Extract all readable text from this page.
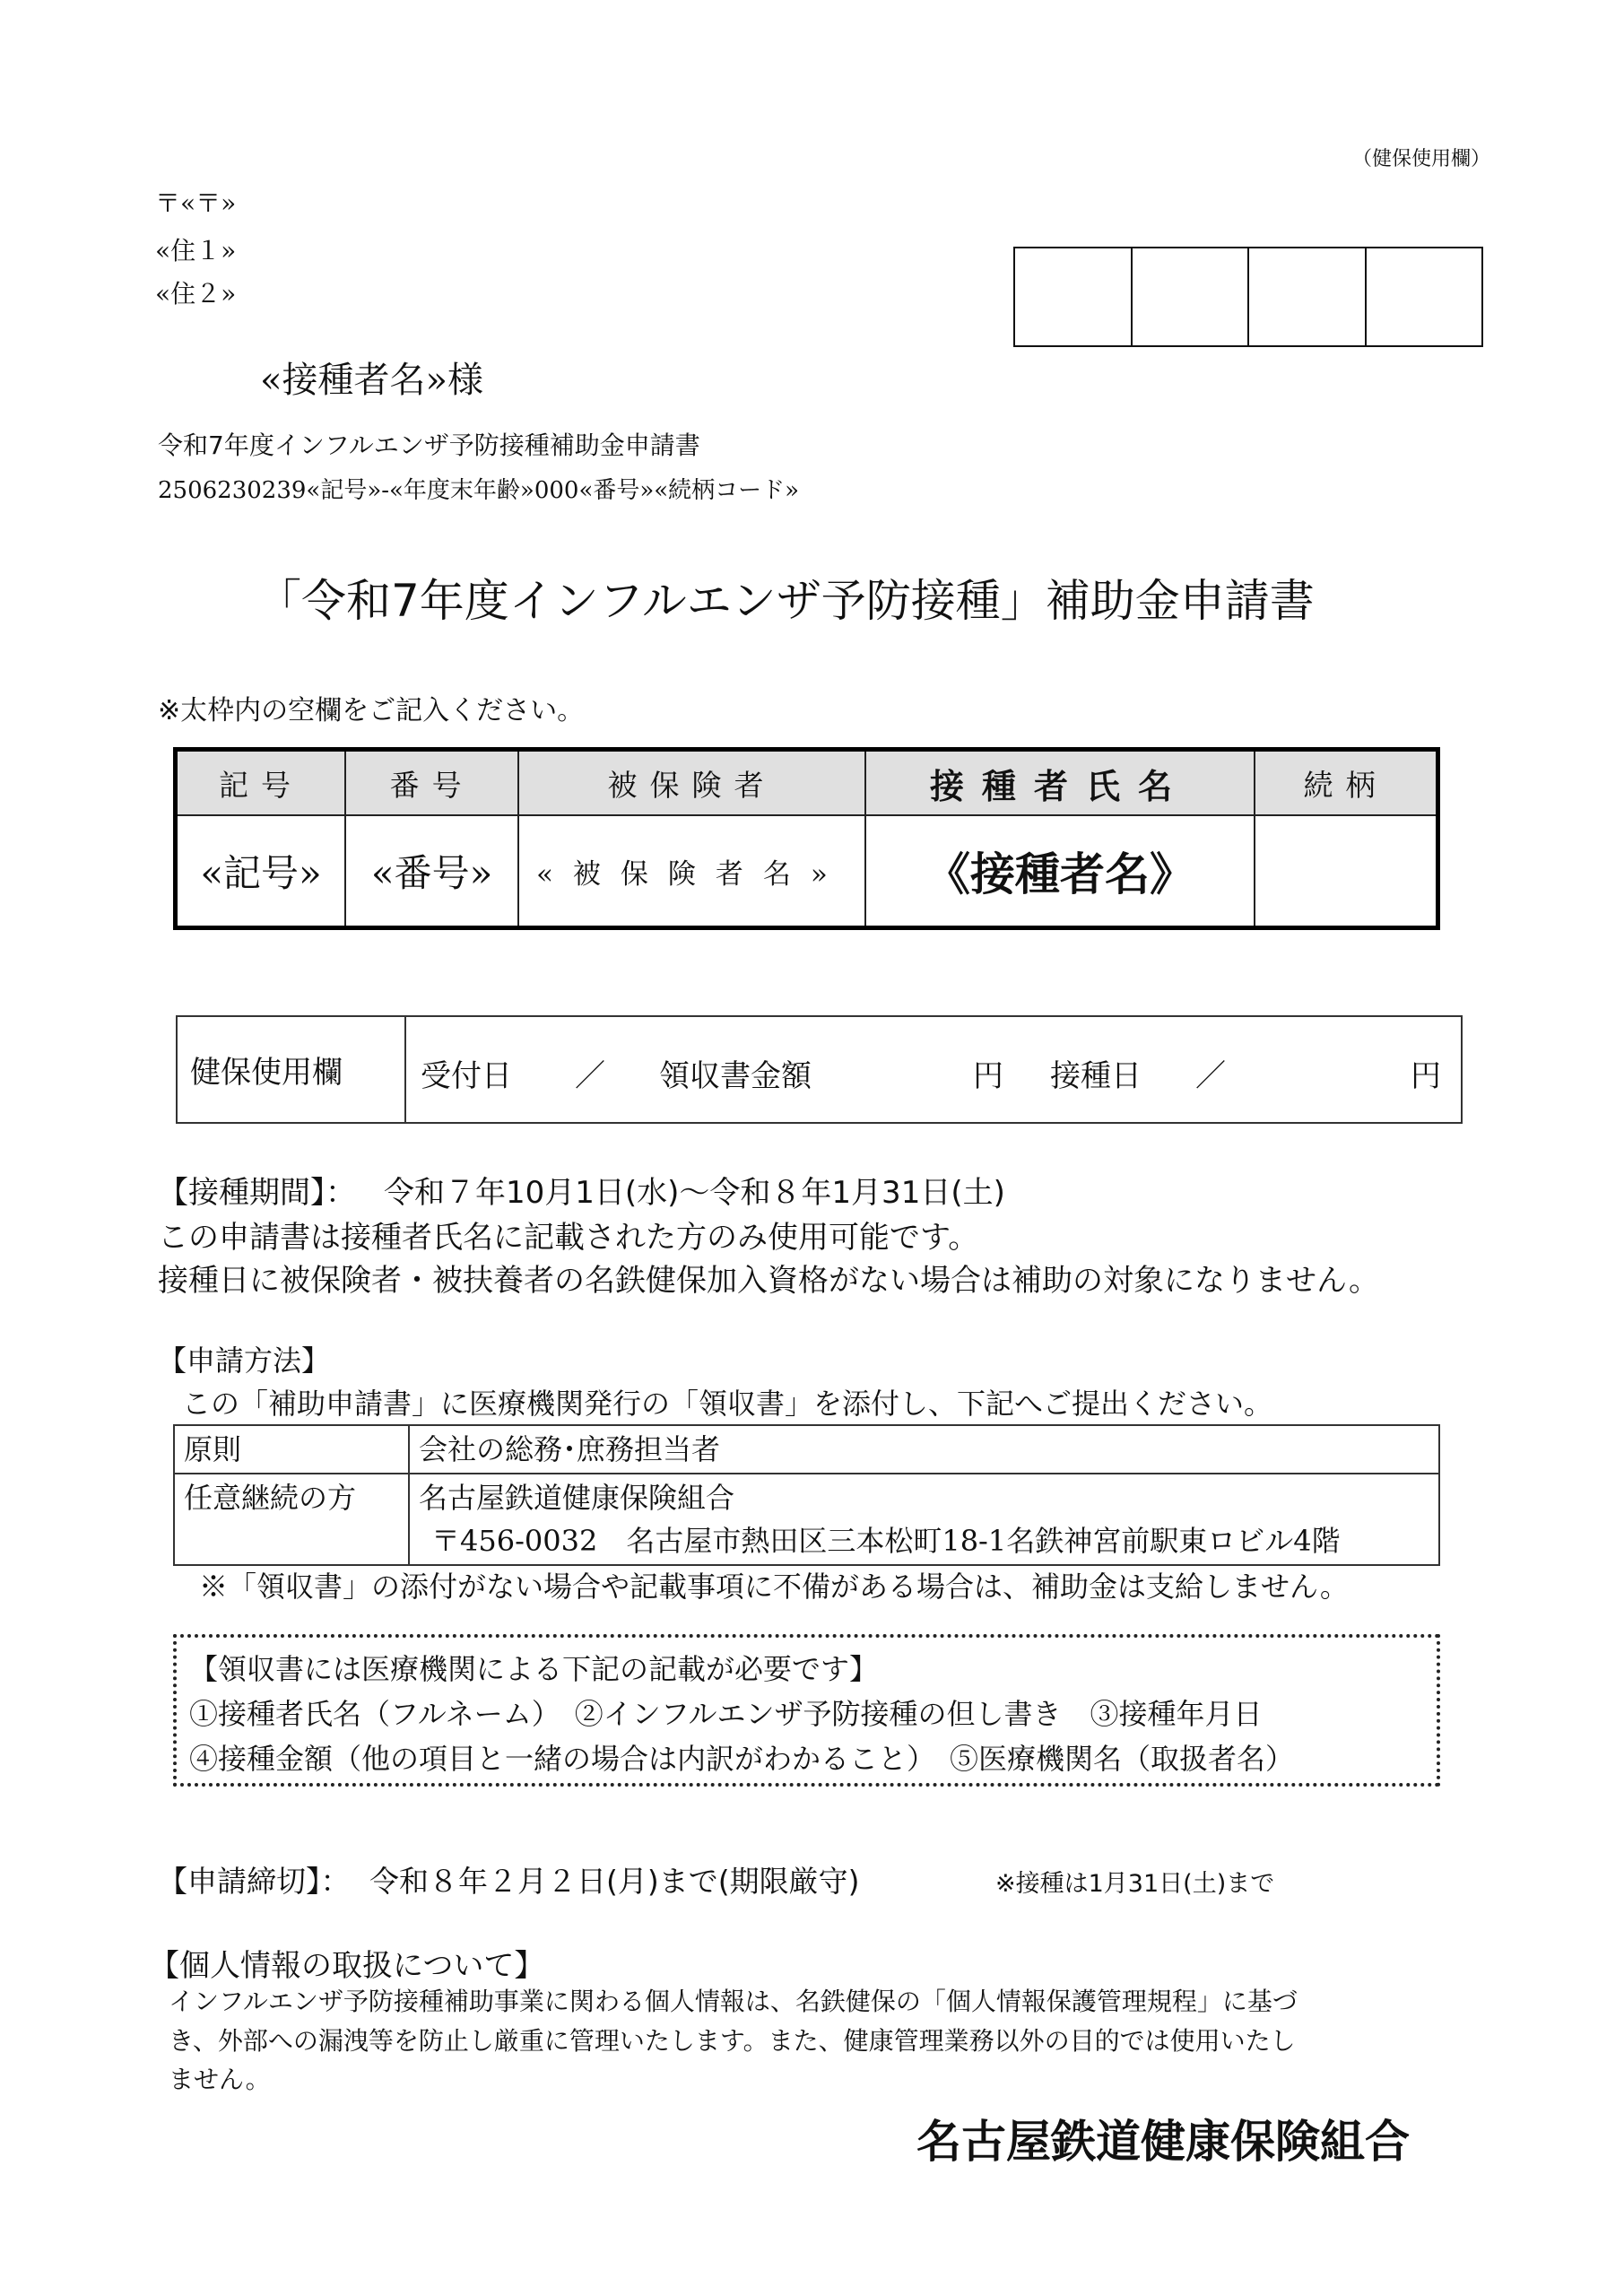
（健保使用欄）
〒«〒»
«住１»
«住２»
«接種者名»様
令和7年度インフルエンザ予防接種補助金申請書
2506230239«記号»-«年度末年齢»000«番号»«続柄コード»
「令和7年度インフルエンザ予防接種」補助金申請書
※太枠内の空欄をご記入ください。
記号	番号	被保険者	接種者氏名	続柄
«記号»	«番号»	«被保険者名»	《接種者名》	
健保使用欄	受付日 ／ 領収書金額	円 接種日 ／	円
【接種期間】： 令和７年10月1日(水)～令和８年1月31日(土)
この申請書は接種者氏名に記載された方のみ使用可能です。
接種日に被保険者・被扶養者の名鉄健保加入資格がない場合は補助の対象になりません。
【申請方法】
この「補助申請書」に医療機関発行の「領収書」を添付し、下記へご提出ください。
原則	会社の総務･庶務担当者
任意継続の方	名古屋鉄道健康保険組合
〒456-0032　名古屋市熱田区三本松町18-1名鉄神宮前駅東ロビル4階
※「領収書」の添付がない場合や記載事項に不備がある場合は、補助金は支給しません。
【領収書には医療機関による下記の記載が必要です】
①接種者氏名（フルネーム）　②インフルエンザ予防接種の但し書き　③接種年月日
④接種金額（他の項目と一緒の場合は内訳がわかること）　⑤医療機関名（取扱者名）
【申請締切】： 令和８年２月２日(月)まで(期限厳守)	※接種は1月31日(土)まで
【個人情報の取扱について】
インフルエンザ予防接種補助事業に関わる個人情報は、名鉄健保の「個人情報保護管理規程」に基づ
き、外部への漏洩等を防止し厳重に管理いたします。また、健康管理業務以外の目的では使用いたし
ません。
名古屋鉄道健康保険組合
